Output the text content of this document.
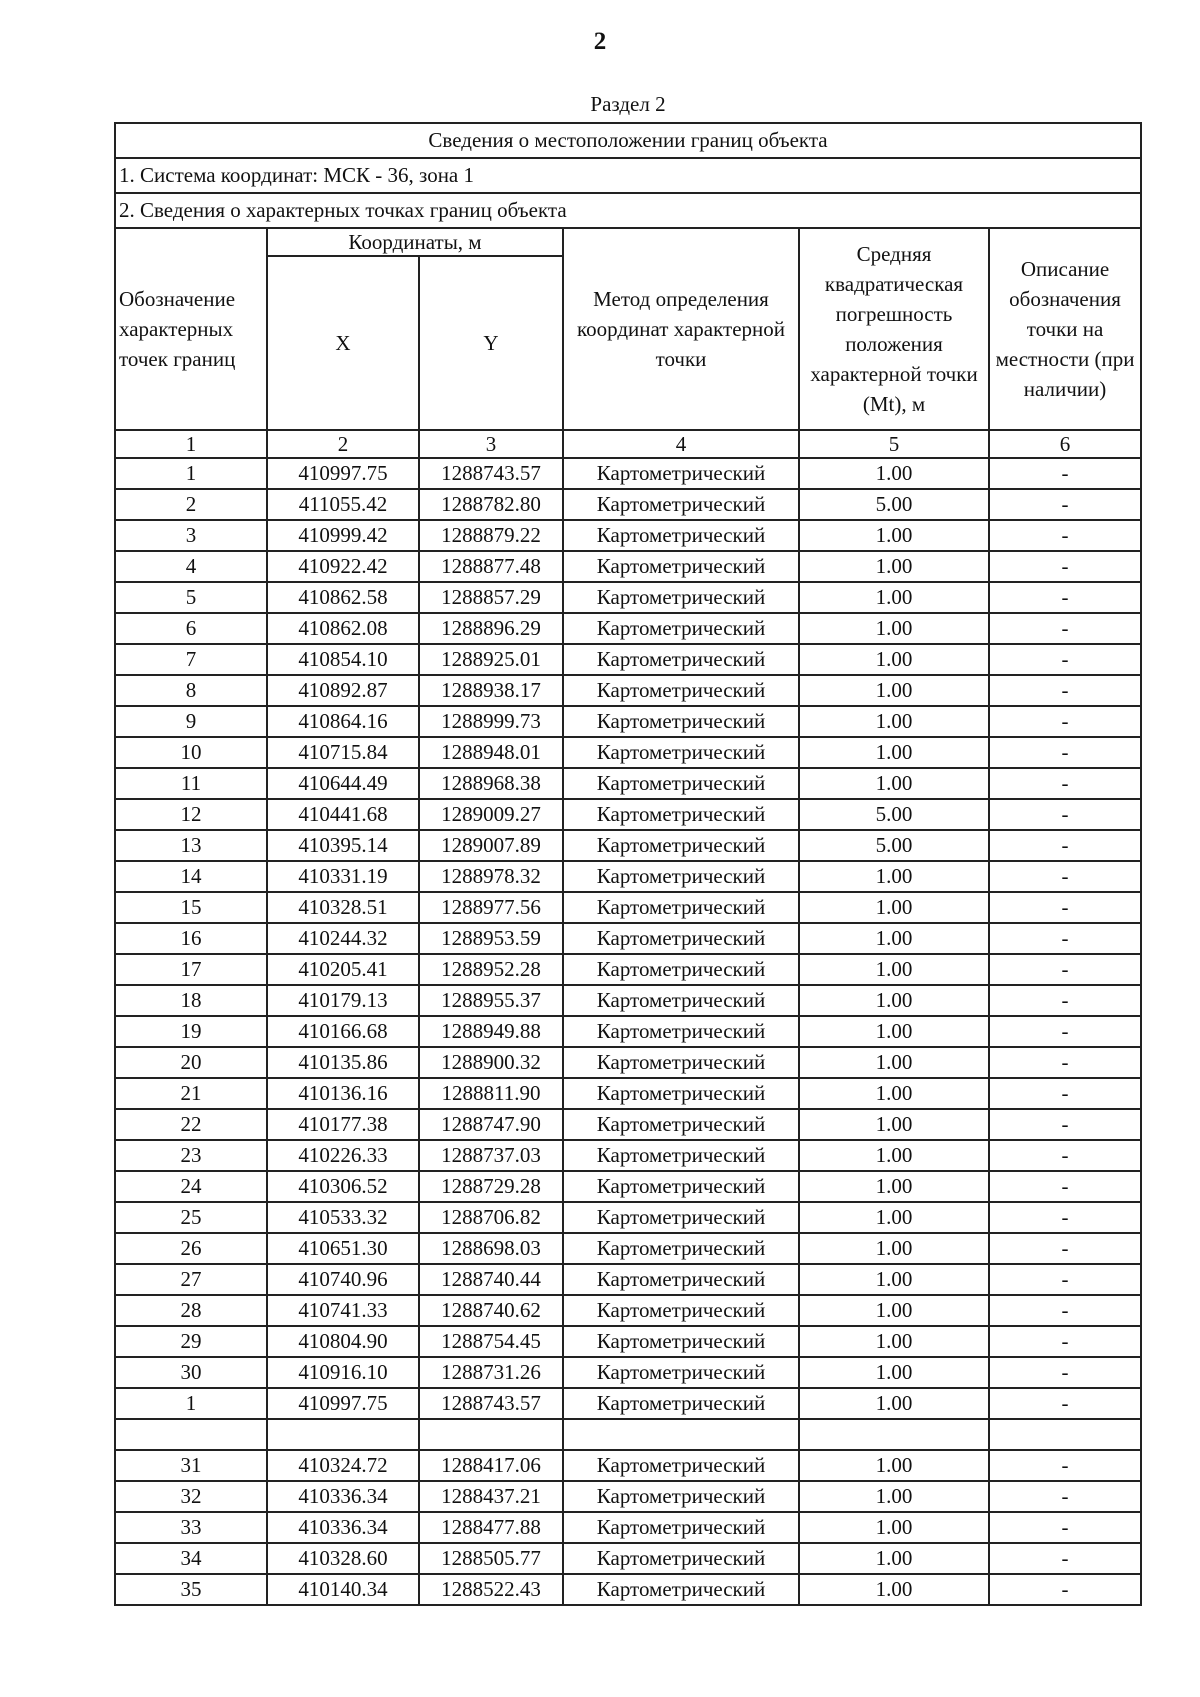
2
Раздел 2
Сведения о местоположении границ объекта					
1. Система координат: МСК - 36, зона 1					
2. Сведения о характерных точках границ объекта					
Обозначение характерных точек границ	Координаты, м		Метод определения координат характерной точки	Средняя квадратическая погрешность положения характерной точки (Mt), м	Описание обозначения точки на местности (при наличии)
	X	Y			
1	2	3	4	5	6
1	410997.75	1288743.57	Картометрический	1.00	-
2	411055.42	1288782.80	Картометрический	5.00	-
3	410999.42	1288879.22	Картометрический	1.00	-
4	410922.42	1288877.48	Картометрический	1.00	-
5	410862.58	1288857.29	Картометрический	1.00	-
6	410862.08	1288896.29	Картометрический	1.00	-
7	410854.10	1288925.01	Картометрический	1.00	-
8	410892.87	1288938.17	Картометрический	1.00	-
9	410864.16	1288999.73	Картометрический	1.00	-
10	410715.84	1288948.01	Картометрический	1.00	-
11	410644.49	1288968.38	Картометрический	1.00	-
12	410441.68	1289009.27	Картометрический	5.00	-
13	410395.14	1289007.89	Картометрический	5.00	-
14	410331.19	1288978.32	Картометрический	1.00	-
15	410328.51	1288977.56	Картометрический	1.00	-
16	410244.32	1288953.59	Картометрический	1.00	-
17	410205.41	1288952.28	Картометрический	1.00	-
18	410179.13	1288955.37	Картометрический	1.00	-
19	410166.68	1288949.88	Картометрический	1.00	-
20	410135.86	1288900.32	Картометрический	1.00	-
21	410136.16	1288811.90	Картометрический	1.00	-
22	410177.38	1288747.90	Картометрический	1.00	-
23	410226.33	1288737.03	Картометрический	1.00	-
24	410306.52	1288729.28	Картометрический	1.00	-
25	410533.32	1288706.82	Картометрический	1.00	-
26	410651.30	1288698.03	Картометрический	1.00	-
27	410740.96	1288740.44	Картометрический	1.00	-
28	410741.33	1288740.62	Картометрический	1.00	-
29	410804.90	1288754.45	Картометрический	1.00	-
30	410916.10	1288731.26	Картометрический	1.00	-
1	410997.75	1288743.57	Картометрический	1.00	-

31	410324.72	1288417.06	Картометрический	1.00	-
32	410336.34	1288437.21	Картометрический	1.00	-
33	410336.34	1288477.88	Картометрический	1.00	-
34	410328.60	1288505.77	Картометрический	1.00	-
35	410140.34	1288522.43	Картометрический	1.00	-
